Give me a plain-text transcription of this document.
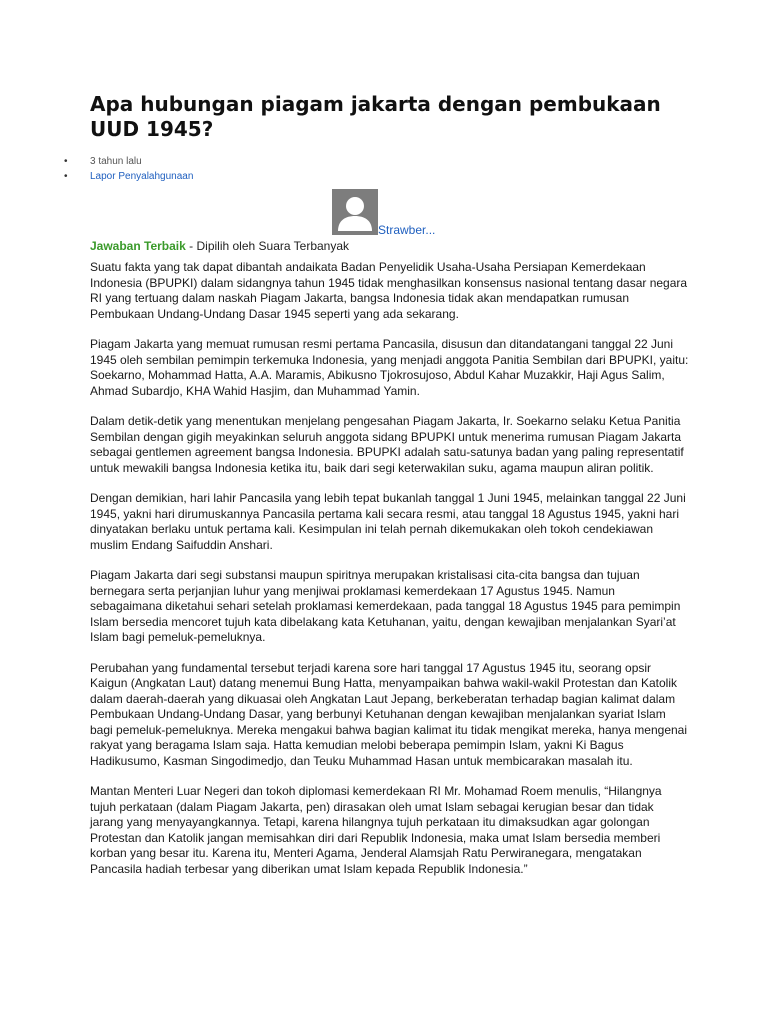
Apa hubungan piagam jakarta dengan pembukaan UUD 1945?
• 3 tahun lalu
• Lapor Penyalahgunaan
Strawber...

Jawaban Terbaik - Dipilih oleh Suara Terbanyak

Suatu fakta yang tak dapat dibantah andaikata Badan Penyelidik Usaha-Usaha Persiapan Kemerdekaan Indonesia (BPUPKI) dalam sidangnya tahun 1945 tidak menghasilkan konsensus nasional tentang dasar negara RI yang tertuang dalam naskah Piagam Jakarta, bangsa Indonesia tidak akan mendapatkan rumusan Pembukaan Undang-Undang Dasar 1945 seperti yang ada sekarang.

Piagam Jakarta yang memuat rumusan resmi pertama Pancasila, disusun dan ditandatangani tanggal 22 Juni 1945 oleh sembilan pemimpin terkemuka Indonesia, yang menjadi anggota Panitia Sembilan dari BPUPKI, yaitu: Soekarno, Mohammad Hatta, A.A. Maramis, Abikusno Tjokrosujoso, Abdul Kahar Muzakkir, Haji Agus Salim, Ahmad Subardjo, KHA Wahid Hasjim, dan Muhammad Yamin.

Dalam detik-detik yang menentukan menjelang pengesahan Piagam Jakarta, Ir. Soekarno selaku Ketua Panitia Sembilan dengan gigih meyakinkan seluruh anggota sidang BPUPKI untuk menerima rumusan Piagam Jakarta sebagai gentlemen agreement bangsa Indonesia. BPUPKI adalah satu-satunya badan yang paling representatif untuk mewakili bangsa Indonesia ketika itu, baik dari segi keterwakilan suku, agama maupun aliran politik.

Dengan demikian, hari lahir Pancasila yang lebih tepat bukanlah tanggal 1 Juni 1945, melainkan tanggal 22 Juni 1945, yakni hari dirumuskannya Pancasila pertama kali secara resmi, atau tanggal 18 Agustus 1945, yakni hari dinyatakan berlaku untuk pertama kali. Kesimpulan ini telah pernah dikemukakan oleh tokoh cendekiawan muslim Endang Saifuddin Anshari.

Piagam Jakarta dari segi substansi maupun spiritnya merupakan kristalisasi cita-cita bangsa dan tujuan bernegara serta perjanjian luhur yang menjiwai proklamasi kemerdekaan 17 Agustus 1945. Namun sebagaimana diketahui sehari setelah proklamasi kemerdekaan, pada tanggal 18 Agustus 1945 para pemimpin Islam bersedia mencoret tujuh kata dibelakang kata Ketuhanan, yaitu, dengan kewajiban menjalankan Syari’at Islam bagi pemeluk-pemeluknya.

Perubahan yang fundamental tersebut terjadi karena sore hari tanggal 17 Agustus 1945 itu, seorang opsir Kaigun (Angkatan Laut) datang menemui Bung Hatta, menyampaikan bahwa wakil-wakil Protestan dan Katolik dalam daerah-daerah yang dikuasai oleh Angkatan Laut Jepang, berkeberatan terhadap bagian kalimat dalam Pembukaan Undang-Undang Dasar, yang berbunyi Ketuhanan dengan kewajiban menjalankan syariat Islam bagi pemeluk-pemeluknya. Mereka mengakui bahwa bagian kalimat itu tidak mengikat mereka, hanya mengenai rakyat yang beragama Islam saja. Hatta kemudian melobi beberapa pemimpin Islam, yakni Ki Bagus Hadikusumo, Kasman Singodimedjo, dan Teuku Muhammad Hasan untuk membicarakan masalah itu.

Mantan Menteri Luar Negeri dan tokoh diplomasi kemerdekaan RI Mr. Mohamad Roem menulis, “Hilangnya tujuh perkataan (dalam Piagam Jakarta, pen) dirasakan oleh umat Islam sebagai kerugian besar dan tidak jarang yang menyayangkannya. Tetapi, karena hilangnya tujuh perkataan itu dimaksudkan agar golongan Protestan dan Katolik jangan memisahkan diri dari Republik Indonesia, maka umat Islam bersedia memberi korban yang besar itu. Karena itu, Menteri Agama, Jenderal Alamsjah Ratu Perwiranegara, mengatakan Pancasila hadiah terbesar yang diberikan umat Islam kepada Republik Indonesia.”
